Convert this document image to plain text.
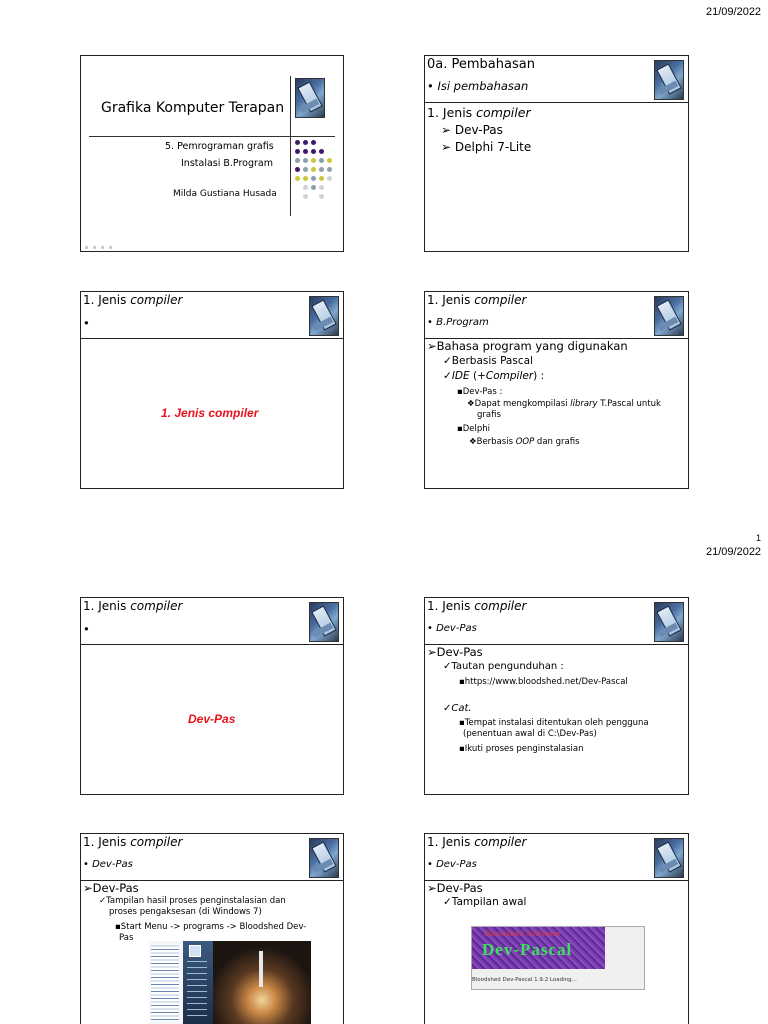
21/09/2022
1
21/09/2022
Grafika Komputer Terapan
5. Pemrograman grafis
Instalasi B.Program
Milda Gustiana Husada
0a. Pembahasan
• Isi pembahasan
1. Jenis compiler
➢ Dev-Pas
➢ Delphi 7-Lite
1. Jenis compiler
•
1. Jenis compiler
1. Jenis compiler
• B.Program
➢Bahasa program yang digunakan
✓Berbasis Pascal
✓IDE (+Compiler) :
▪Dev-Pas :
❖Dapat mengkompilasi library T.Pascal untuk
grafis
▪Delphi
❖Berbasis OOP dan grafis
1. Jenis compiler
•
Dev-Pas
1. Jenis compiler
• Dev-Pas
➢Dev-Pas
✓Tautan pengunduhan :
▪https://www.bloodshed.net/Dev-Pascal
✓Cat.
▪Tempat instalasi ditentukan oleh pengguna
(penentuan awal di C:\Dev-Pas)
▪Ikuti proses penginstalasian
1. Jenis compiler
• Dev-Pas
➢Dev-Pas
✓Tampilan hasil proses penginstalasian dan
proses pengaksesan (di Windows 7)
▪Start Menu -> programs -> Bloodshed Dev-
Pas
1. Jenis compiler
• Dev-Pas
➢Dev-Pas
✓Tampilan awal
Bloodshed Software
Dev-Pascal
Bloodshed Dev-Pascal 1.9.2 Loading...
